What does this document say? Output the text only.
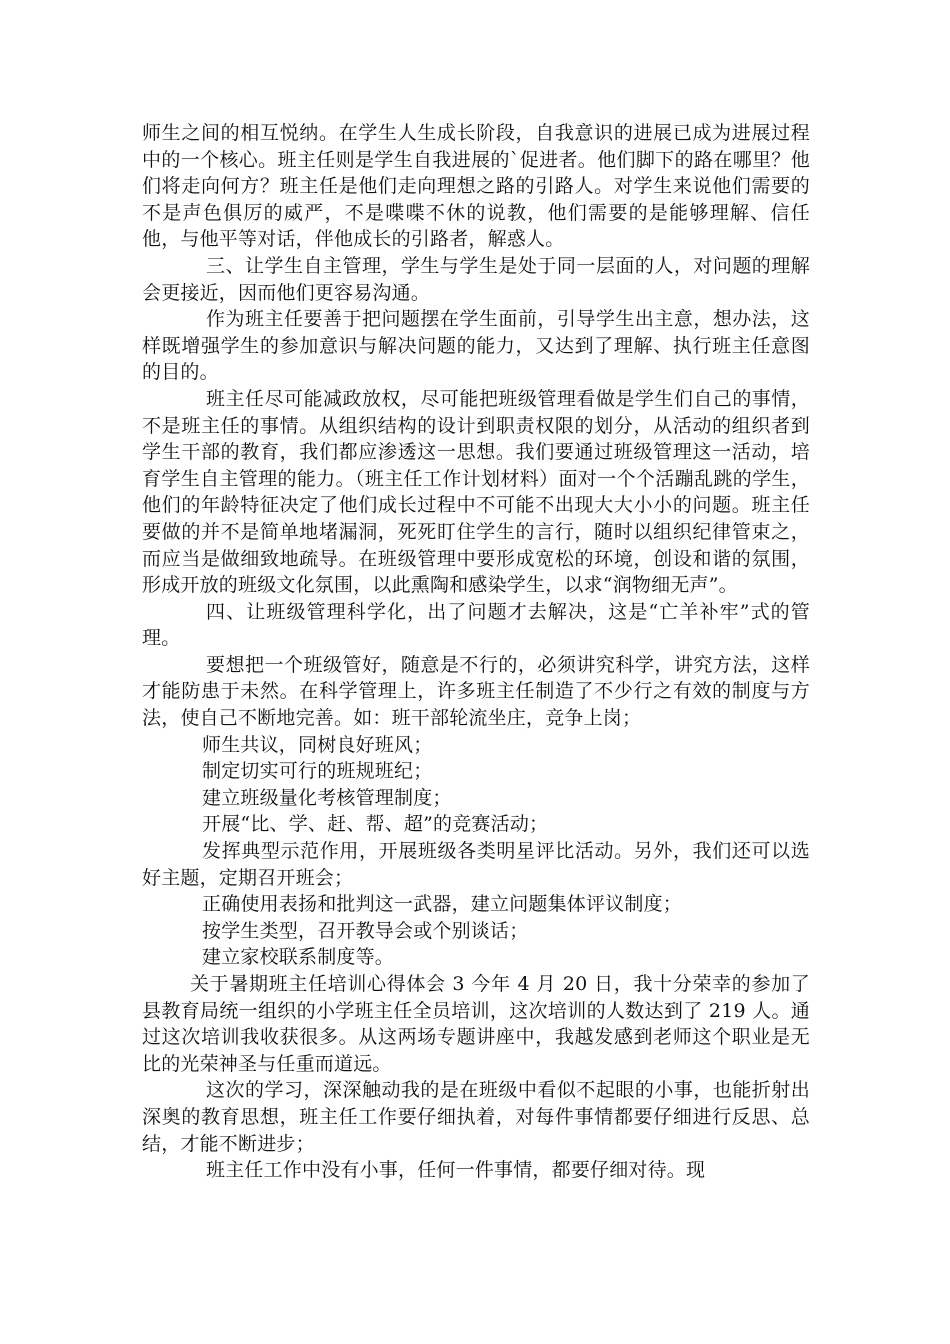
师生之间的相互悦纳。在学生人生成长阶段，自我意识的进展已成为进展过程中的一个核心。班主任则是学生自我进展的`促进者。他们脚下的路在哪里？他们将走向何方？班主任是他们走向理想之路的引路人。对学生来说他们需要的不是声色俱厉的威严，不是喋喋不休的说教，他们需要的是能够理解、信任他，与他平等对话，伴他成长的引路者，解惑人。

三、让学生自主管理，学生与学生是处于同一层面的人，对问题的理解会更接近，因而他们更容易沟通。

作为班主任要善于把问题摆在学生面前，引导学生出主意，想办法，这样既增强学生的参加意识与解决问题的能力，又达到了理解、执行班主任意图的目的。

班主任尽可能减政放权，尽可能把班级管理看做是学生们自己的事情，不是班主任的事情。从组织结构的设计到职责权限的划分，从活动的组织者到学生干部的教育，我们都应渗透这一思想。我们要通过班级管理这一活动，培育学生自主管理的能力。（班主任工作计划材料）面对一个个活蹦乱跳的学生，他们的年龄特征决定了他们成长过程中不可能不出现大大小小的问题。班主任要做的并不是简单地堵漏洞，死死盯住学生的言行，随时以组织纪律管束之，而应当是做细致地疏导。在班级管理中要形成宽松的环境，创设和谐的氛围，形成开放的班级文化氛围，以此熏陶和感染学生，以求“润物细无声”。

四、让班级管理科学化，出了问题才去解决，这是“亡羊补牢”式的管理。

要想把一个班级管好，随意是不行的，必须讲究科学，讲究方法，这样才能防患于未然。在科学管理上，许多班主任制造了不少行之有效的制度与方法，使自己不断地完善。如：班干部轮流坐庄，竞争上岗；

师生共议，同树良好班风；

制定切实可行的班规班纪；

建立班级量化考核管理制度；

开展“比、学、赶、帮、超”的竞赛活动；

发挥典型示范作用，开展班级各类明星评比活动。另外，我们还可以选好主题，定期召开班会；

正确使用表扬和批判这一武器，建立问题集体评议制度；

按学生类型，召开教导会或个别谈话；

建立家校联系制度等。

关于暑期班主任培训心得体会 3 今年 4 月 20 日，我十分荣幸的参加了县教育局统一组织的小学班主任全员培训，这次培训的人数达到了 219 人。通过这次培训我收获很多。从这两场专题讲座中，我越发感到老师这个职业是无比的光荣神圣与任重而道远。

这次的学习，深深触动我的是在班级中看似不起眼的小事，也能折射出深奥的教育思想，班主任工作要仔细执着，对每件事情都要仔细进行反思、总结，才能不断进步；

班主任工作中没有小事，任何一件事情，都要仔细对待。现
